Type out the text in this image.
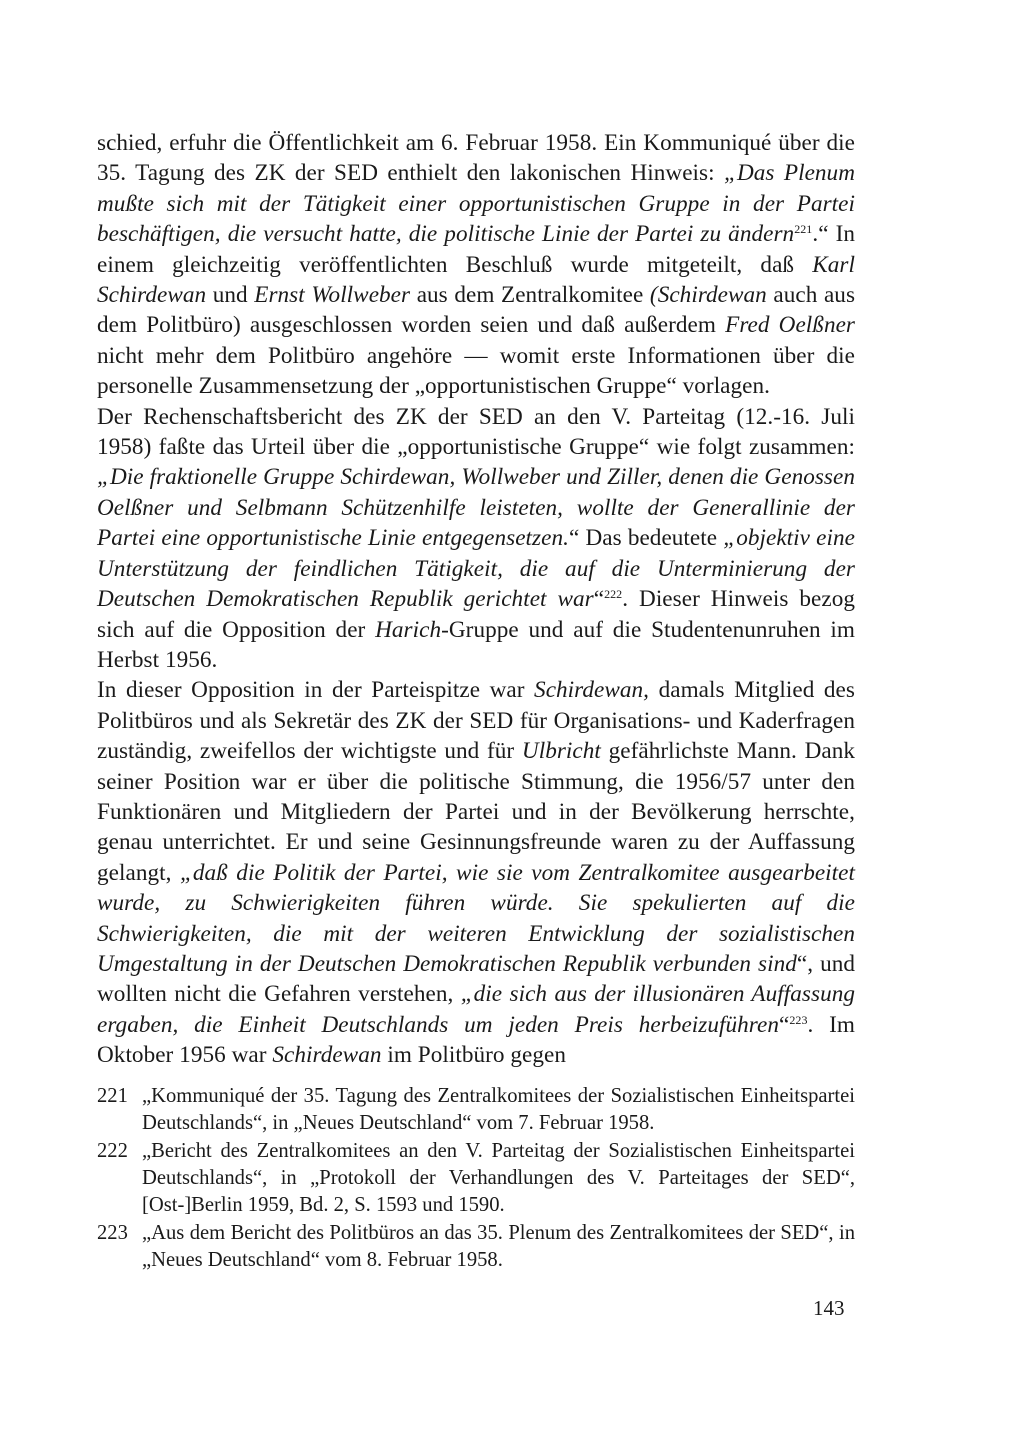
schied, erfuhr die Öffentlichkeit am 6. Februar 1958. Ein Kommuniqué über die 35. Tagung des ZK der SED enthielt den lakonischen Hinweis: „Das Plenum mußte sich mit der Tätigkeit einer opportunistischen Gruppe in der Partei beschäftigen, die versucht hatte, die politische Linie der Partei zu ändern$^{221}$.“ In einem gleichzeitig veröffentlichten Beschluß wurde mitgeteilt, daß Karl Schirdewan und Ernst Wollweber aus dem Zentralkomitee (Schirdewan auch aus dem Politbüro) ausgeschlossen worden seien und daß außerdem Fred Oelßner nicht mehr dem Politbüro angehöre — womit erste Informationen über die personelle Zusammensetzung der „opportunistischen Gruppe“ vorlagen.

Der Rechenschaftsbericht des ZK der SED an den V. Parteitag (12.-16. Juli 1958) faßte das Urteil über die „opportunistische Gruppe“ wie folgt zusammen: „Die fraktionelle Gruppe Schirdewan, Wollweber und Ziller, denen die Genossen Oelßner und Selbmann Schützenhilfe leisteten, wollte der Generallinie der Partei eine opportunistische Linie entgegensetzen.“ Das bedeutete „objektiv eine Unterstützung der feindlichen Tätigkeit, die auf die Unterminierung der Deutschen Demokratischen Republik gerichtet war“$^{222}$. Dieser Hinweis bezog sich auf die Opposition der Harich-Gruppe und auf die Studentenunruhen im Herbst 1956.

In dieser Opposition in der Parteispitze war Schirdewan, damals Mitglied des Politbüros und als Sekretär des ZK der SED für Organisations- und Kaderfragen zuständig, zweifellos der wichtigste und für Ulbricht gefährlichste Mann. Dank seiner Position war er über die politische Stimmung, die 1956/57 unter den Funktionären und Mitgliedern der Partei und in der Bevölkerung herrschte, genau unterrichtet. Er und seine Gesinnungsfreunde waren zu der Auffassung gelangt, „daß die Politik der Partei, wie sie vom Zentralkomitee ausgearbeitet wurde, zu Schwierigkeiten führen würde. Sie spekulierten auf die Schwierigkeiten, die mit der weiteren Entwicklung der sozialistischen Umgestaltung in der Deutschen Demokratischen Republik verbunden sind“, und wollten nicht die Gefahren verstehen, „die sich aus der illusionären Auffassung ergaben, die Einheit Deutschlands um jeden Preis herbeizuführen“$^{223}$. Im Oktober 1956 war Schirdewan im Politbüro gegen

221 „Kommuniqué der 35. Tagung des Zentralkomitees der Sozialistischen Einheitspartei Deutschlands“, in „Neues Deutschland“ vom 7. Februar 1958.
222 „Bericht des Zentralkomitees an den V. Parteitag der Sozialistischen Einheitspartei Deutschlands“, in „Protokoll der Verhandlungen des V. Parteitages der SED“, [Ost-]Berlin 1959, Bd. 2, S. 1593 und 1590.
223 „Aus dem Bericht des Politbüros an das 35. Plenum des Zentralkomitees der SED“, in „Neues Deutschland“ vom 8. Februar 1958.
143
